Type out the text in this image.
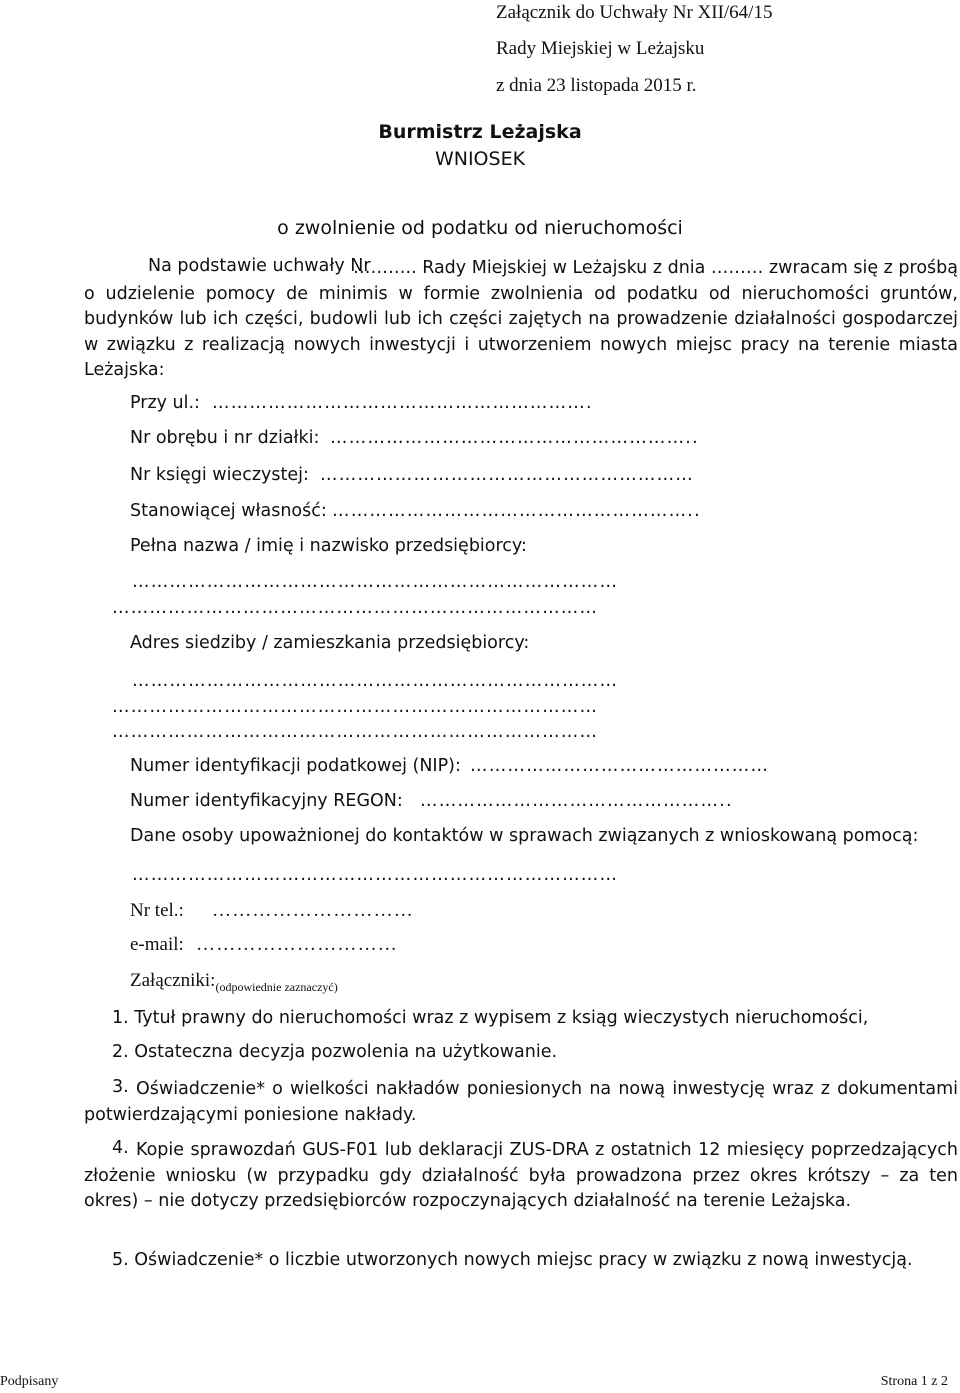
Załącznik do Uchwały Nr XII/64/15
Rady Miejskiej w Leżajsku
z dnia 23 listopada 2015 r.
Burmistrz Leżajska
WNIOSEK
o zwolnienie od podatku od nieruchomości
Na podstawie uchwały Nr
……….. Rady Miejskiej w Leżajsku z dnia ……… zwracam się z prośbą o udzielenie pomocy de minimis w formie zwolnienia od podatku od nieruchomości gruntów, budynków lub ich części, budowli lub ich części zajętych na prowadzenie działalności gospodarczej w związku z realizacją nowych inwestycji i utworzeniem nowych miejsc pracy na terenie miasta Leżajska:
Przy ul.: …………………………………………………….
Nr obrębu i nr działki: …………………………………………………..
Nr księgi wieczystej: ……………………………………………………
Stanowiącej własność: …………………………………………………..
Pełna nazwa / imię i nazwisko przedsiębiorcy:
……………………………………………………………………
……………………………………………………………………
Adres siedziby / zamieszkania przedsiębiorcy:
……………………………………………………………………
……………………………………………………………………
……………………………………………………………………
Numer identyfikacji podatkowej (NIP): …………………………………………
Numer identyfikacyjny REGON: …………………………………………..
Dane osoby upoważnionej do kontaktów w sprawach związanych z wnioskowaną pomocą:
……………………………………………………………………
Nr tel.: …………………………
e-mail: …………………………
$Załączniki:_{(odpowiednie zaznaczyć)}$
1. Tytuł prawny do nieruchomości wraz z wypisem z ksiąg wieczystych nieruchomości,
2. Ostateczna decyzja pozwolenia na użytkowanie.
3. Oświadczenie* o wielkości nakładów poniesionych na nową inwestycję wraz z dokumentami potwierdzającymi poniesione nakłady.
4. Kopie sprawozdań GUS-F01 lub deklaracji ZUS-DRA z ostatnich 12 miesięcy poprzedzających złożenie wniosku (w przypadku gdy działalność była prowadzona przez okres krótszy – za ten okres) – nie dotyczy przedsiębiorców rozpoczynających działalność na terenie Leżajska.
5. Oświadczenie* o liczbie utworzonych nowych miejsc pracy w związku z nową inwestycją.
Podpisany	Strona 1 z 2
